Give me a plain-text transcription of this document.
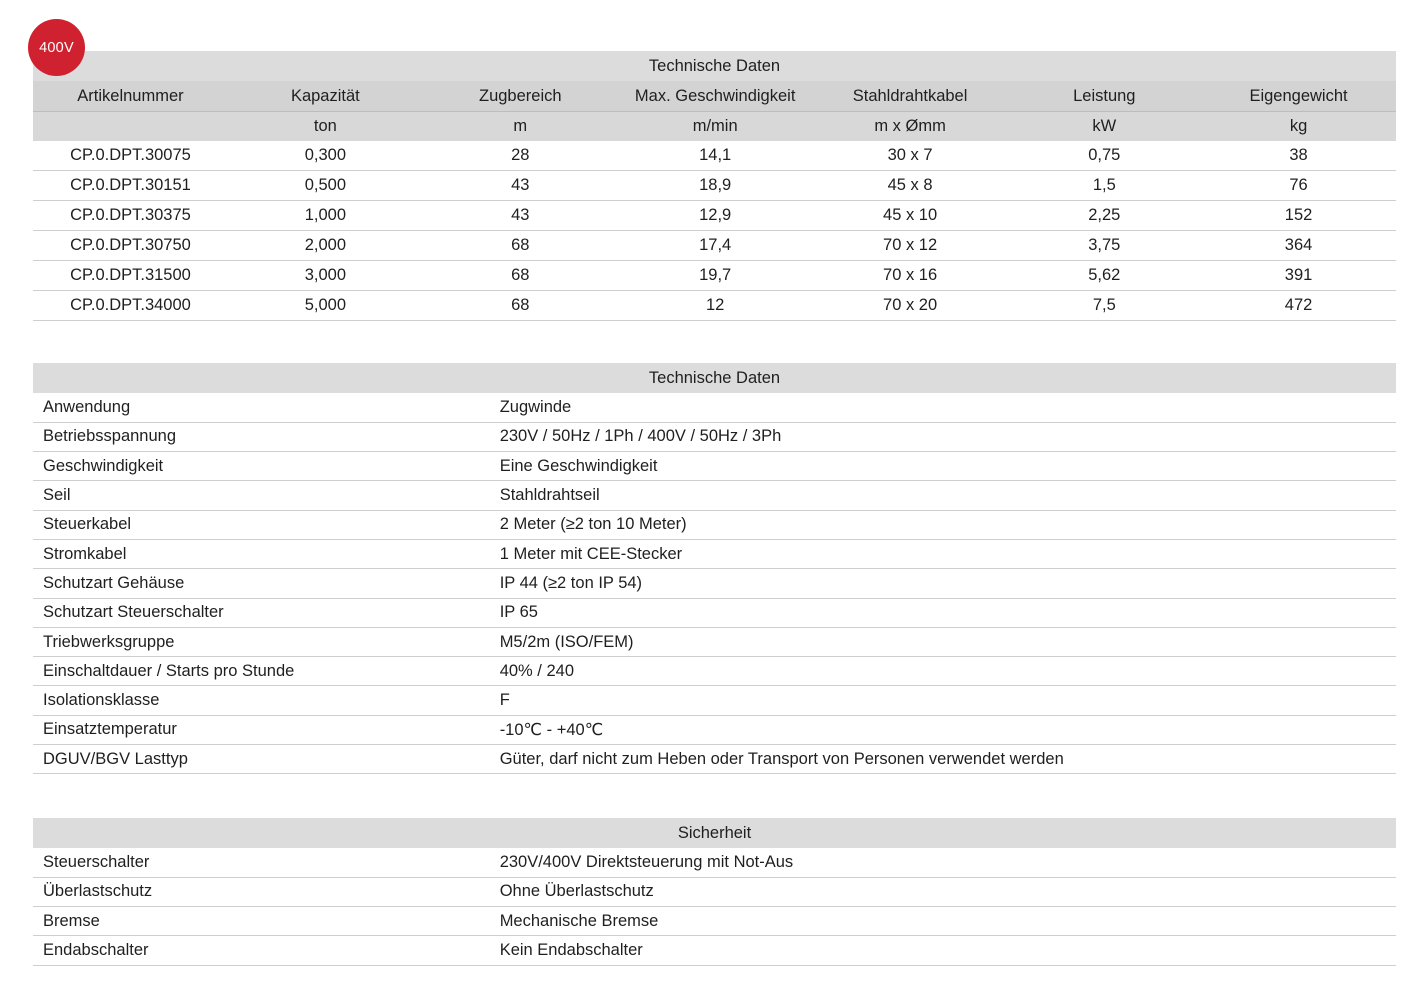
400V
Technische Daten
Artikelnummer	Kapazität	Zugbereich	Max. Geschwindigkeit	Stahldrahtkabel	Leistung	Eigengewicht
	ton	m	m/min	m x Ømm	kW	kg
CP.0.DPT.30075	0,300	28	14,1	30 x 7	0,75	38
CP.0.DPT.30151	0,500	43	18,9	45 x 8	1,5	76
CP.0.DPT.30375	1,000	43	12,9	45 x 10	2,25	152
CP.0.DPT.30750	2,000	68	17,4	70 x 12	3,75	364
CP.0.DPT.31500	3,000	68	19,7	70 x 16	5,62	391
CP.0.DPT.34000	5,000	68	12	70 x 20	7,5	472
Technische Daten
Anwendung	Zugwinde
Betriebsspannung	230V / 50Hz / 1Ph / 400V / 50Hz / 3Ph
Geschwindigkeit	Eine Geschwindigkeit
Seil	Stahldrahtseil
Steuerkabel	2 Meter (≥2 ton 10 Meter)
Stromkabel	1 Meter mit CEE-Stecker
Schutzart Gehäuse	IP 44 (≥2 ton IP 54)
Schutzart Steuerschalter	IP 65
Triebwerksgruppe	M5/2m (ISO/FEM)
Einschaltdauer / Starts pro Stunde	40% / 240
Isolationsklasse	F
Einsatztemperatur	-10℃ - +40℃
DGUV/BGV Lasttyp	Güter, darf nicht zum Heben oder Transport von Personen verwendet werden
Sicherheit
Steuerschalter	230V/400V Direktsteuerung mit Not-Aus
Überlastschutz	Ohne Überlastschutz
Bremse	Mechanische Bremse
Endabschalter	Kein Endabschalter
